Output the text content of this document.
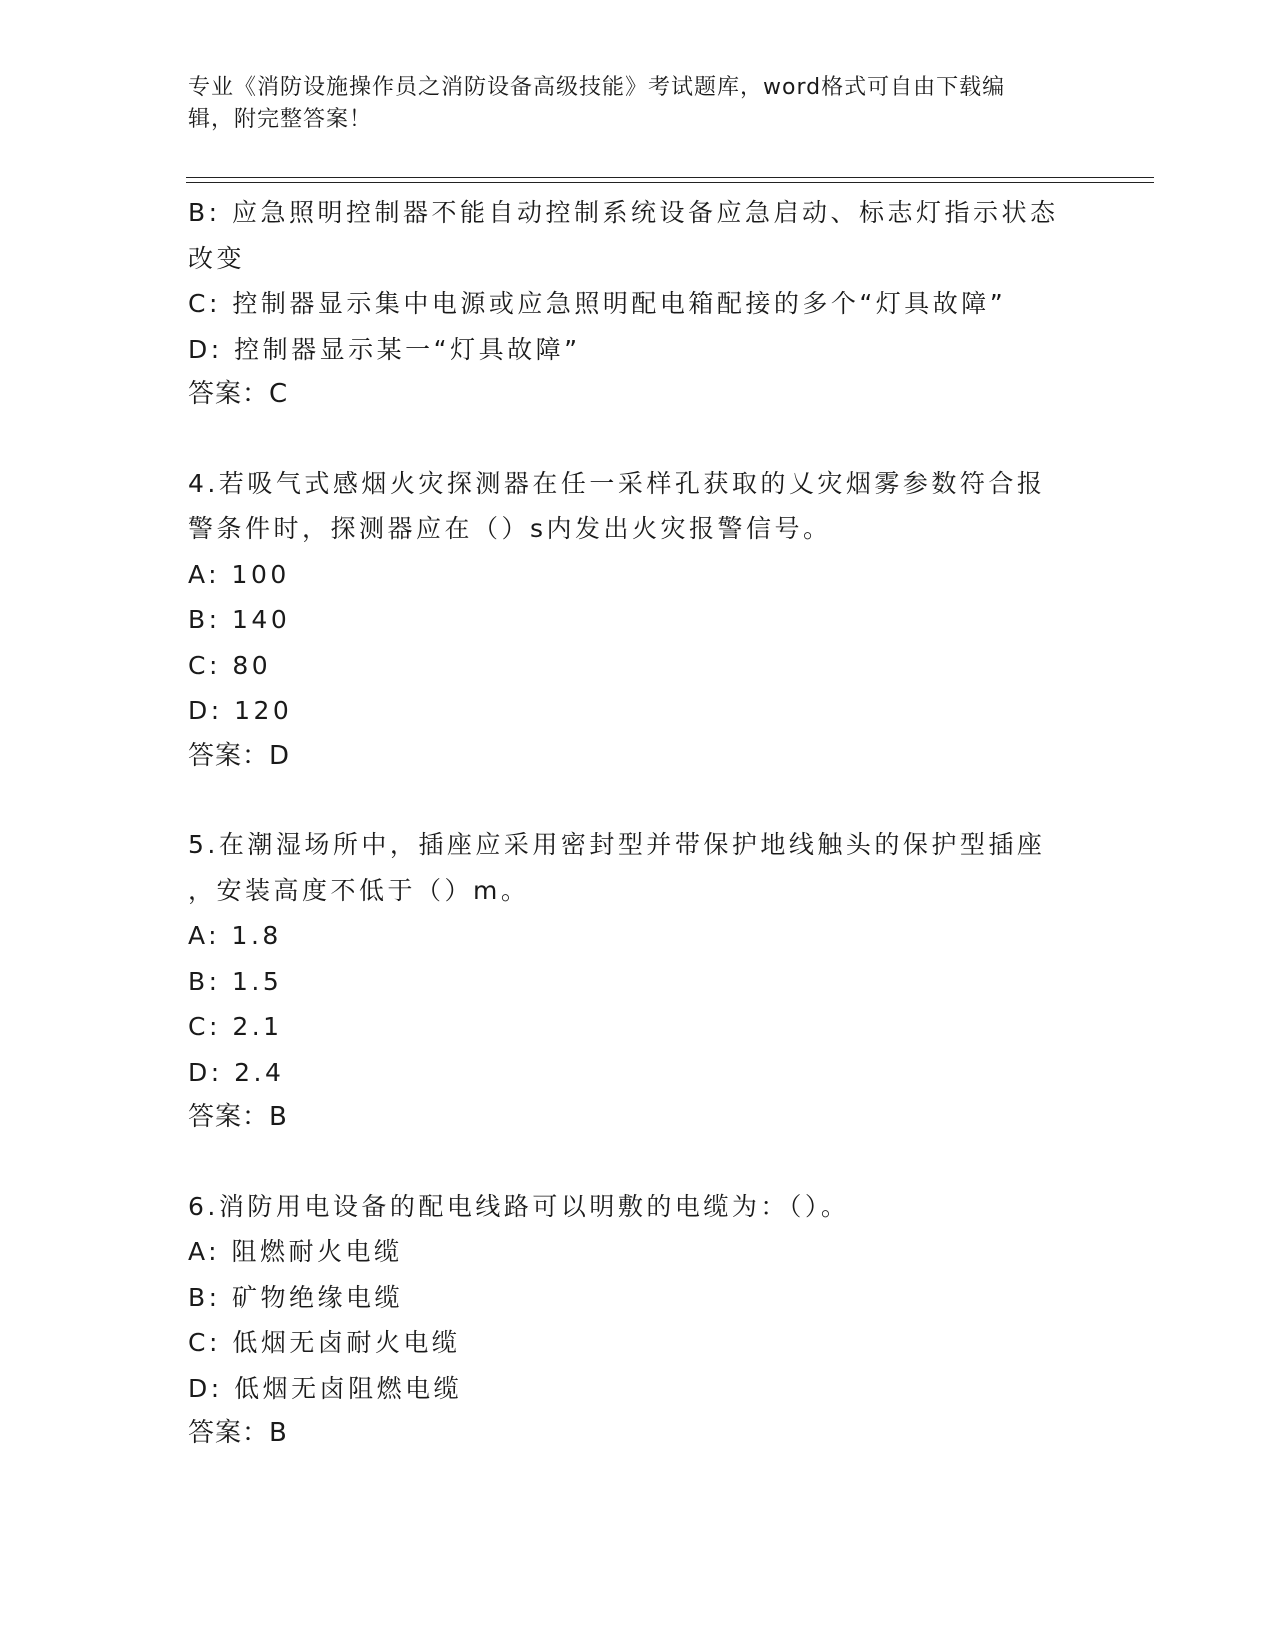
专业《消防设施操作员之消防设备高级技能》考试题库，word格式可自由下载编
辑，附完整答案！
B: 应急照明控制器不能自动控制系统设备应急启动、标志灯指示状态
改变
C: 控制器显示集中电源或应急照明配电箱配接的多个“灯具故障”
D: 控制器显示某一“灯具故障”
答案：C
4.若吸气式感烟火灾探测器在任一采样孔获取的乂灾烟雾参数符合报
警条件时，探测器应在（）s内发出火灾报警信号。
A: 100
B: 140
C: 80
D: 120
答案：D
5.在潮湿场所中，插座应采用密封型并带保护地线触头的保护型插座
，安装高度不低于（）m。
A: 1.8
B: 1.5
C: 2.1
D: 2.4
答案：B
6.消防用电设备的配电线路可以明敷的电缆为：（）。
A: 阻燃耐火电缆
B: 矿物绝缘电缆
C: 低烟无卤耐火电缆
D: 低烟无卤阻燃电缆
答案：B
